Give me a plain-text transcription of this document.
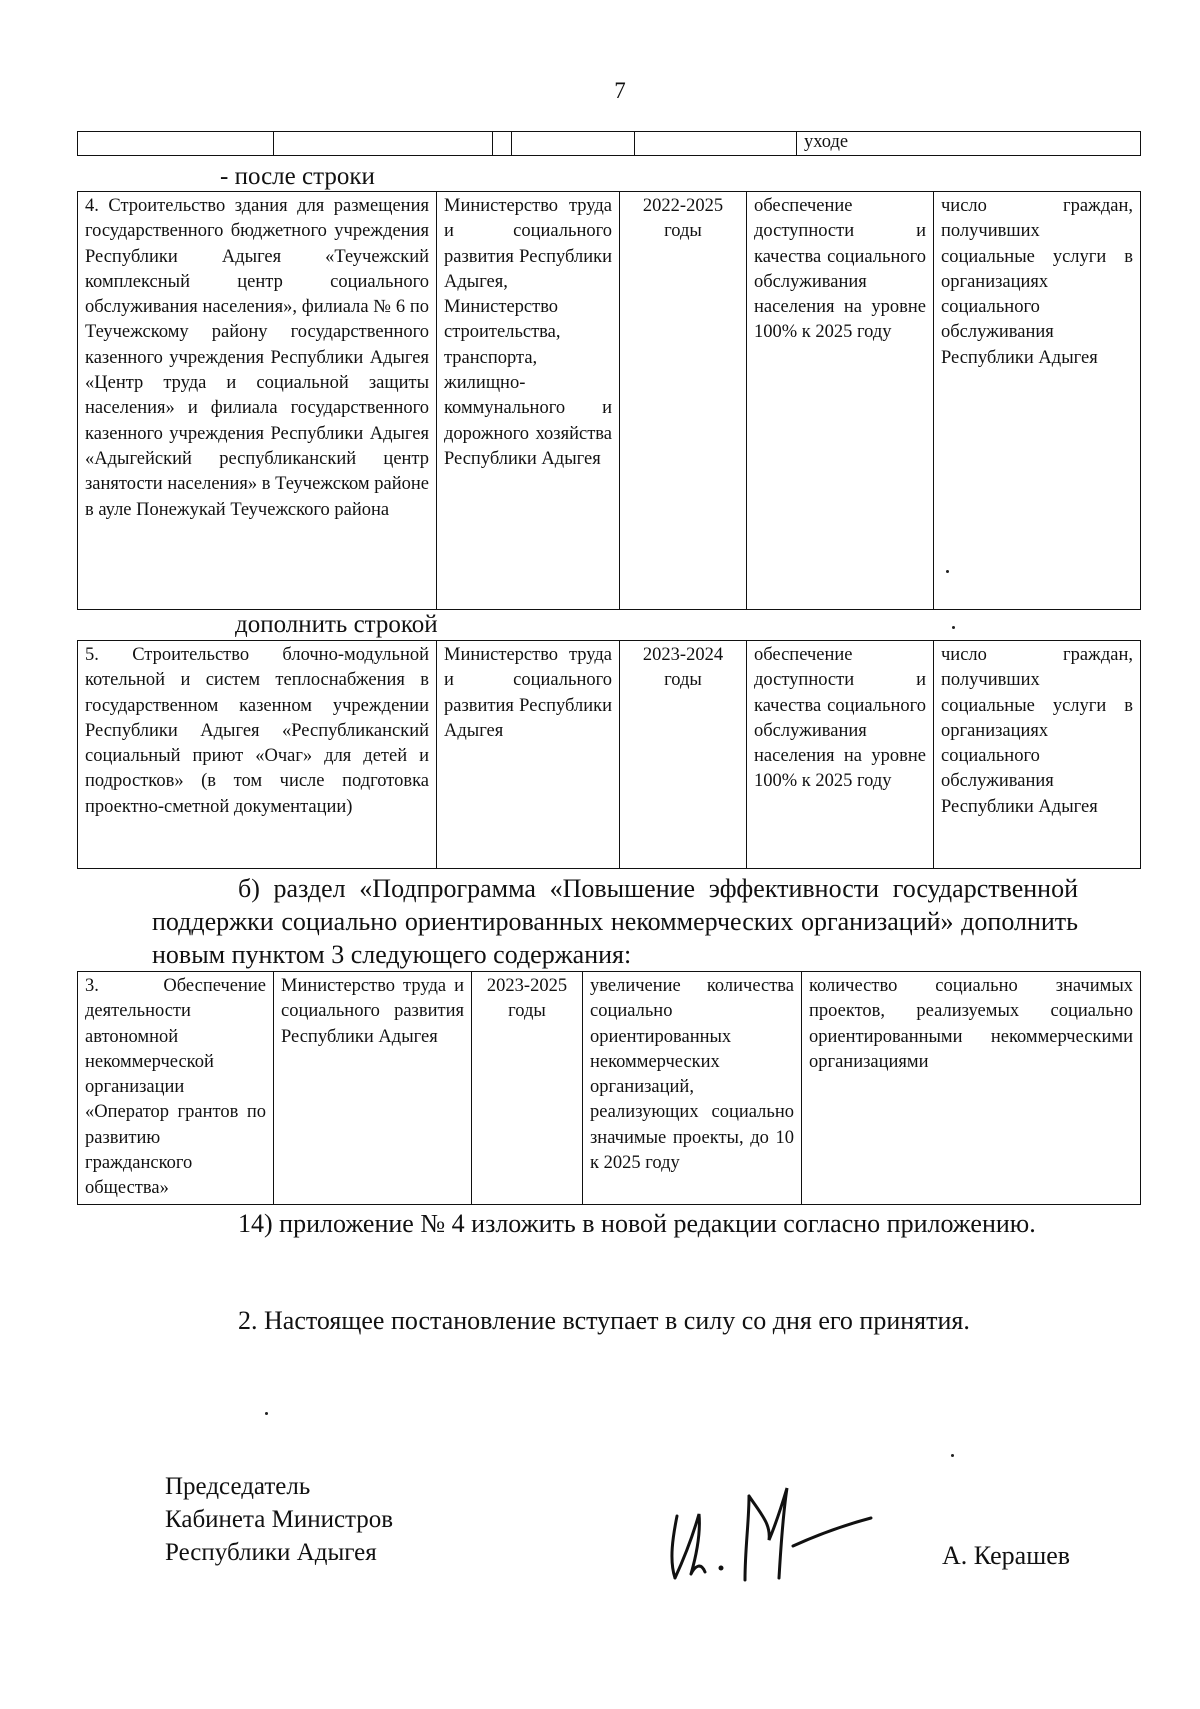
7
					уходе
- после строки
4. Строительство здания для размещения государственного бюджетного учреждения Республики Адыгея «Теучежский комплексный центр социального обслуживания населения», филиала № 6 по Теучежскому району государственного казенного учреждения Республики Адыгея «Центр труда и социальной защиты населения» и филиала государственного казенного учреждения Республики Адыгея «Адыгейский республиканский центр занятости населения» в Теучежском районе в ауле Понежукай Теучежского района	Министерство труда и социального развития Республики Адыгея, Министерство строительства, транспорта, жилищно-коммунального и дорожного хозяйства Республики Адыгея	2022-2025 годы	обеспечение доступности и качества социального обслуживания населения на уровне 100% к 2025 году	число граждан, получивших социальные услуги в организациях социального обслуживания Республики Адыгея
дополнить строкой
5. Строительство блочно-модульной котельной и систем теплоснабжения в государственном казенном учреждении Республики Адыгея «Республиканский социальный приют «Очаг» для детей и подростков» (в том числе подготовка проектно-сметной документации)	Министерство труда и социального развития Республики Адыгея	2023-2024 годы	обеспечение доступности и качества социального обслуживания населения на уровне 100% к 2025 году	число граждан, получивших социальные услуги в организациях социального обслуживания Республики Адыгея
б) раздел «Подпрограмма «Повышение эффективности государственной поддержки социально ориентированных некоммерческих организаций» дополнить новым пунктом 3 следующего содержания:
3. Обеспечение деятельности автономной некоммерческой организации «Оператор грантов по развитию гражданского общества»	Министерство труда и социального развития Республики Адыгея	2023-2025 годы	увеличение количества социально ориентированных некоммерческих организаций, реализующих социально значимые проекты, до 10 к 2025 году	количество социально значимых проектов, реализуемых социально ориентированными некоммерческими организациями
14) приложение № 4 изложить в новой редакции согласно приложению.
2. Настоящее постановление вступает в силу со дня его принятия.
Председатель
Кабинета Министров
Республики Адыгея	А. Керашев
